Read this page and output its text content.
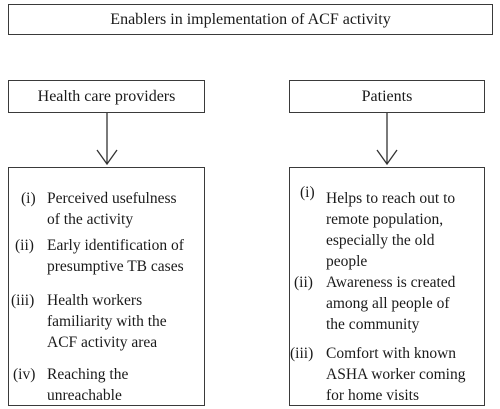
Enablers in implementation of ACF activity
Health care providers	Patients
(i) Perceived usefulness
of the activity
(ii) Early identification of
presumptive TB cases
(iii) Health workers
familiarity with the
ACF activity area
(iv) Reaching the
unreachable
(i) Helps to reach out to
remote population,
especially the old
people
(ii) Awareness is created
among all people of
the community
(iii) Comfort with known
ASHA worker coming
for home visits
